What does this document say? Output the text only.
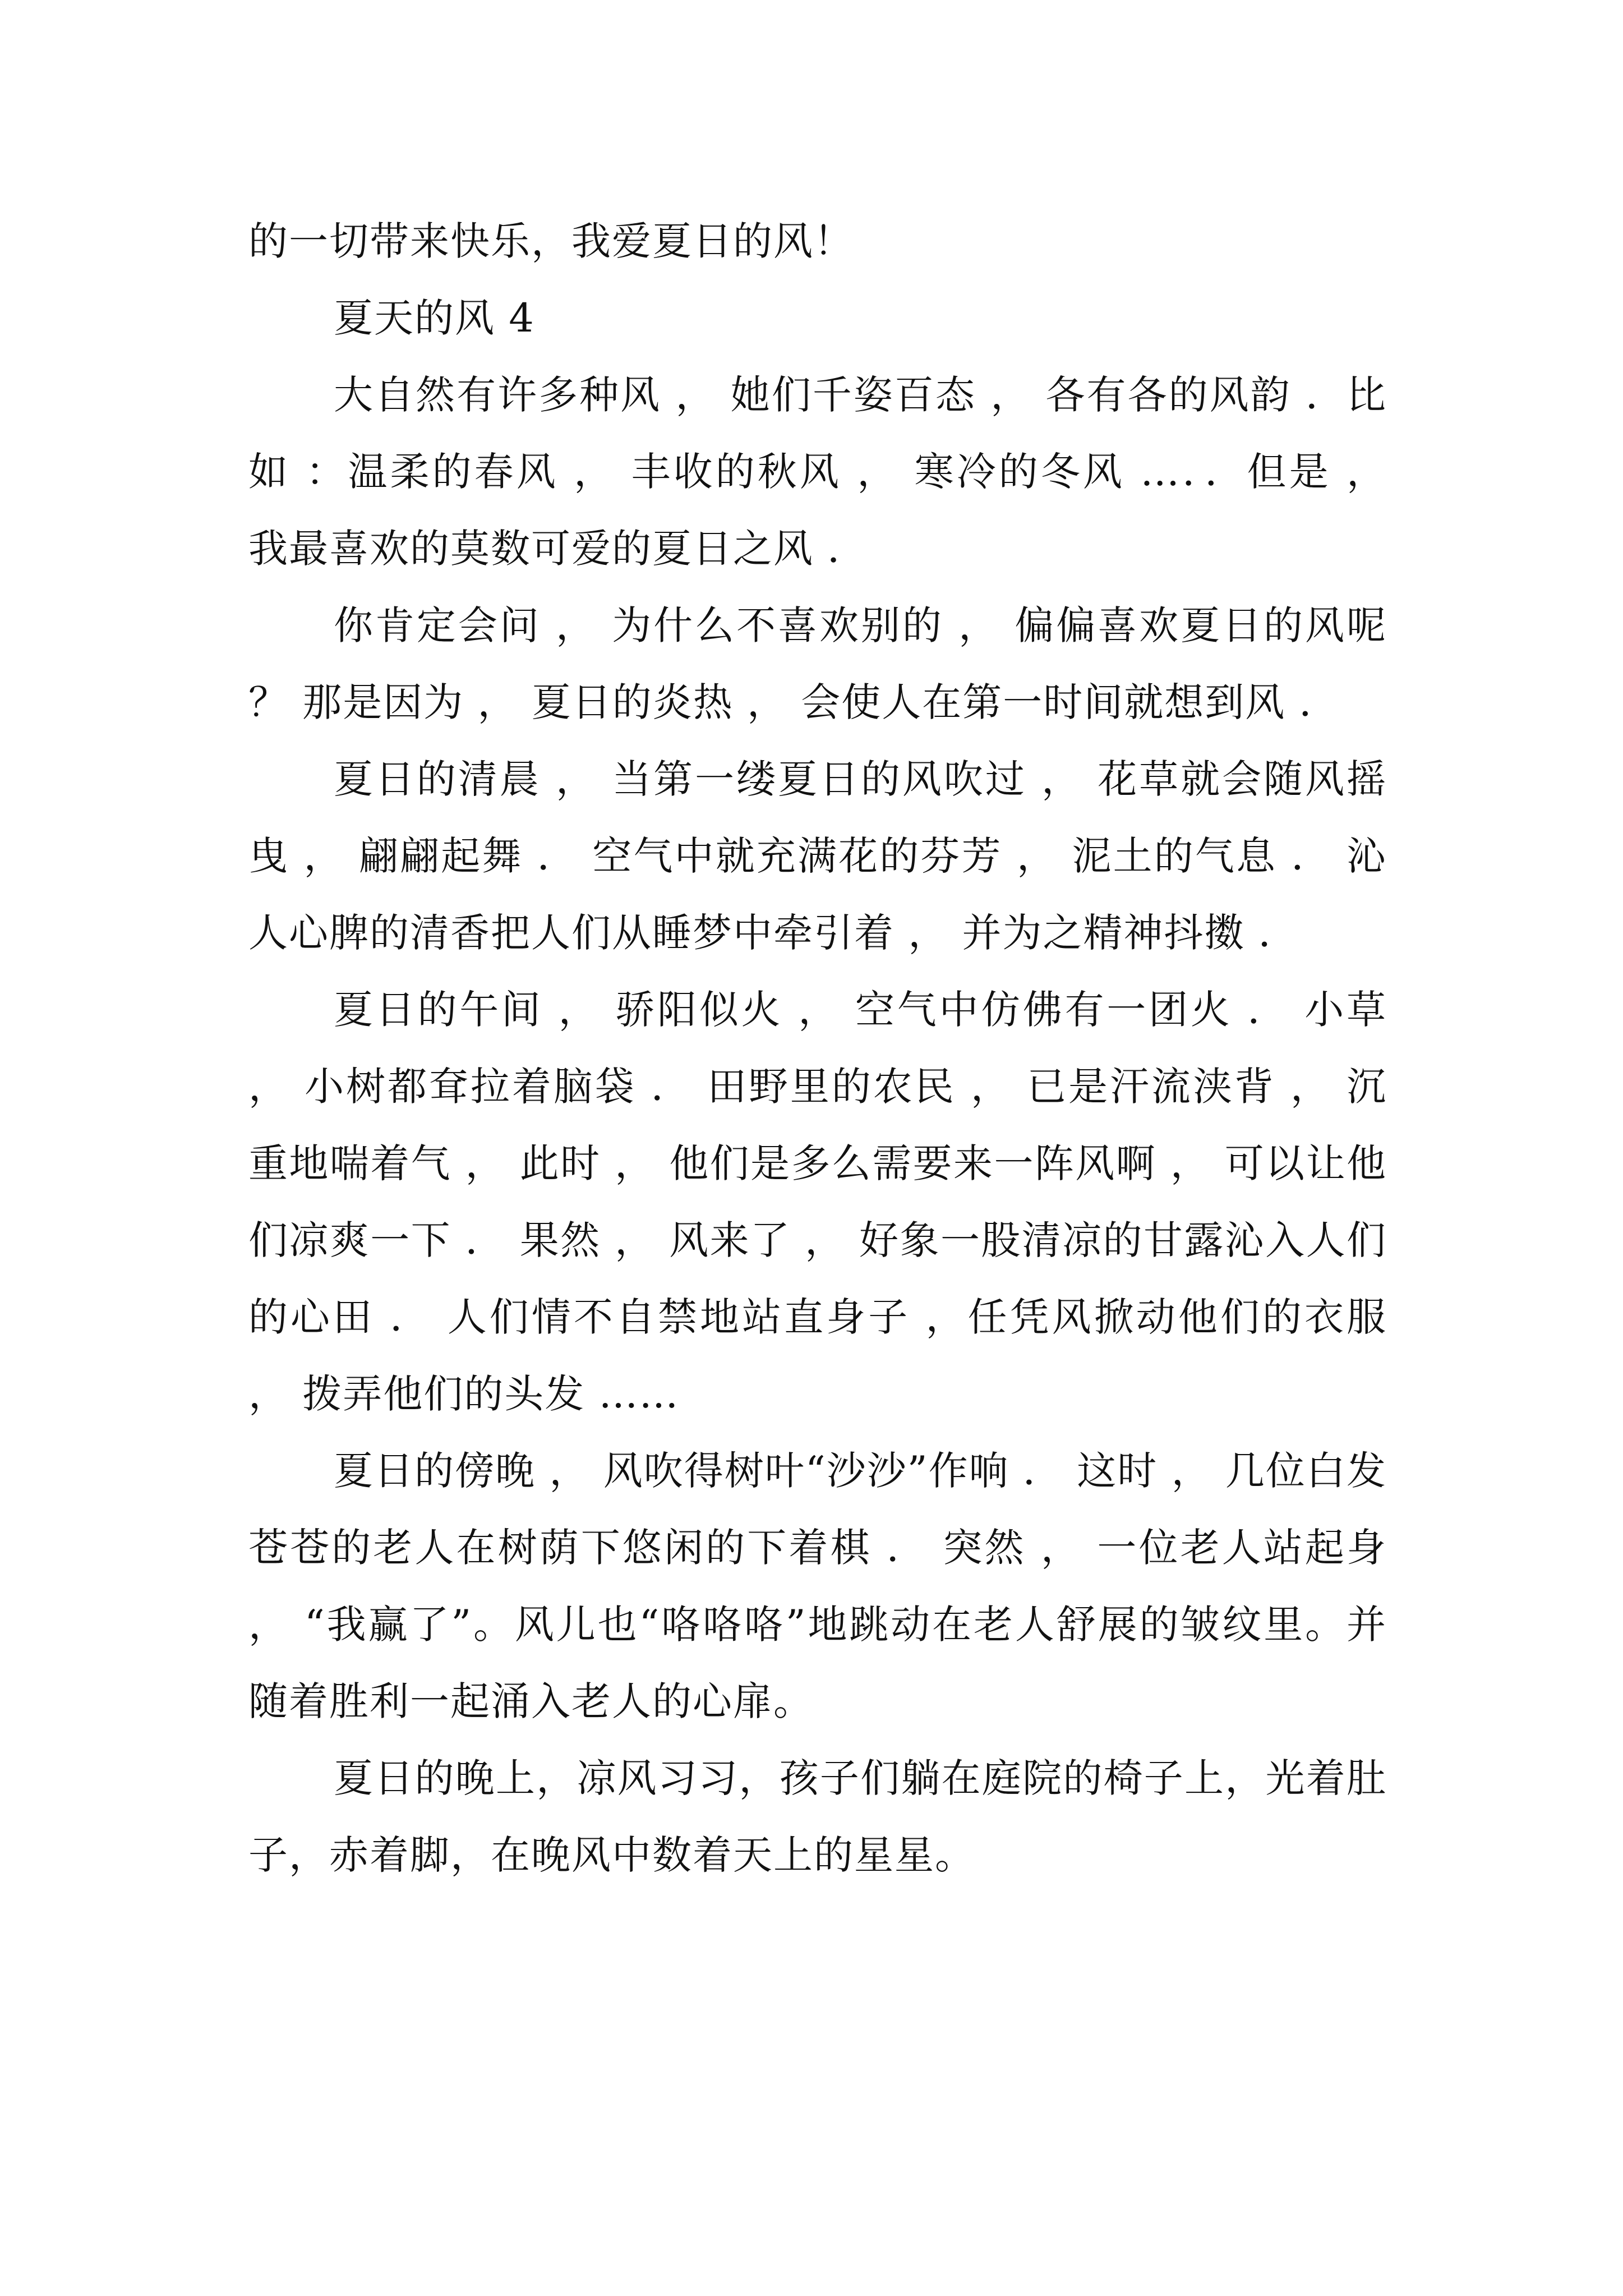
的一切带来快乐，我爱夏日的风！

夏天的风 4

大自然有许多种风 ， 她们千姿百态 ， 各有各的风韵 ．比如 ：温柔的春风 ， 丰收的秋风 ， 寒冷的冬风 …．．但是 ， 我最喜欢的莫数可爱的夏日之风 ．

你肯定会问 ， 为什么不喜欢别的 ， 偏偏喜欢夏日的风呢 ？ 那是因为 ， 夏日的炎热 ， 会使人在第一时间就想到风 ．

夏日的清晨 ， 当第一缕夏日的风吹过 ， 花草就会随风摇曳 ， 翩翩起舞 ． 空气中就充满花的芬芳 ， 泥土的气息 ． 沁人心脾的清香把人们从睡梦中牵引着 ， 并为之精神抖擞 ．

夏日的午间 ， 骄阳似火 ， 空气中仿佛有一团火 ． 小草 ， 小树都耷拉着脑袋 ． 田野里的农民 ， 已是汗流浃背 ， 沉重地喘着气 ， 此时 ， 他们是多么需要来一阵风啊 ， 可以让他们凉爽一下 ． 果然 ， 风来了 ， 好象一股清凉的甘露沁入人们的心田 ． 人们情不自禁地站直身子 ，任凭风掀动他们的衣服 ， 拨弄他们的头发 ……

夏日的傍晚 ， 风吹得树叶“沙沙”作响 ． 这时 ， 几位白发苍苍的老人在树荫下悠闲的下着棋 ． 突然 ， 一位老人站起身 ， “我赢了”。风儿也“咯咯咯”地跳动在老人舒展的皱纹里。并随着胜利一起涌入老人的心扉。

夏日的晚上，凉风习习，孩子们躺在庭院的椅子上，光着肚子，赤着脚，在晚风中数着天上的星星。
